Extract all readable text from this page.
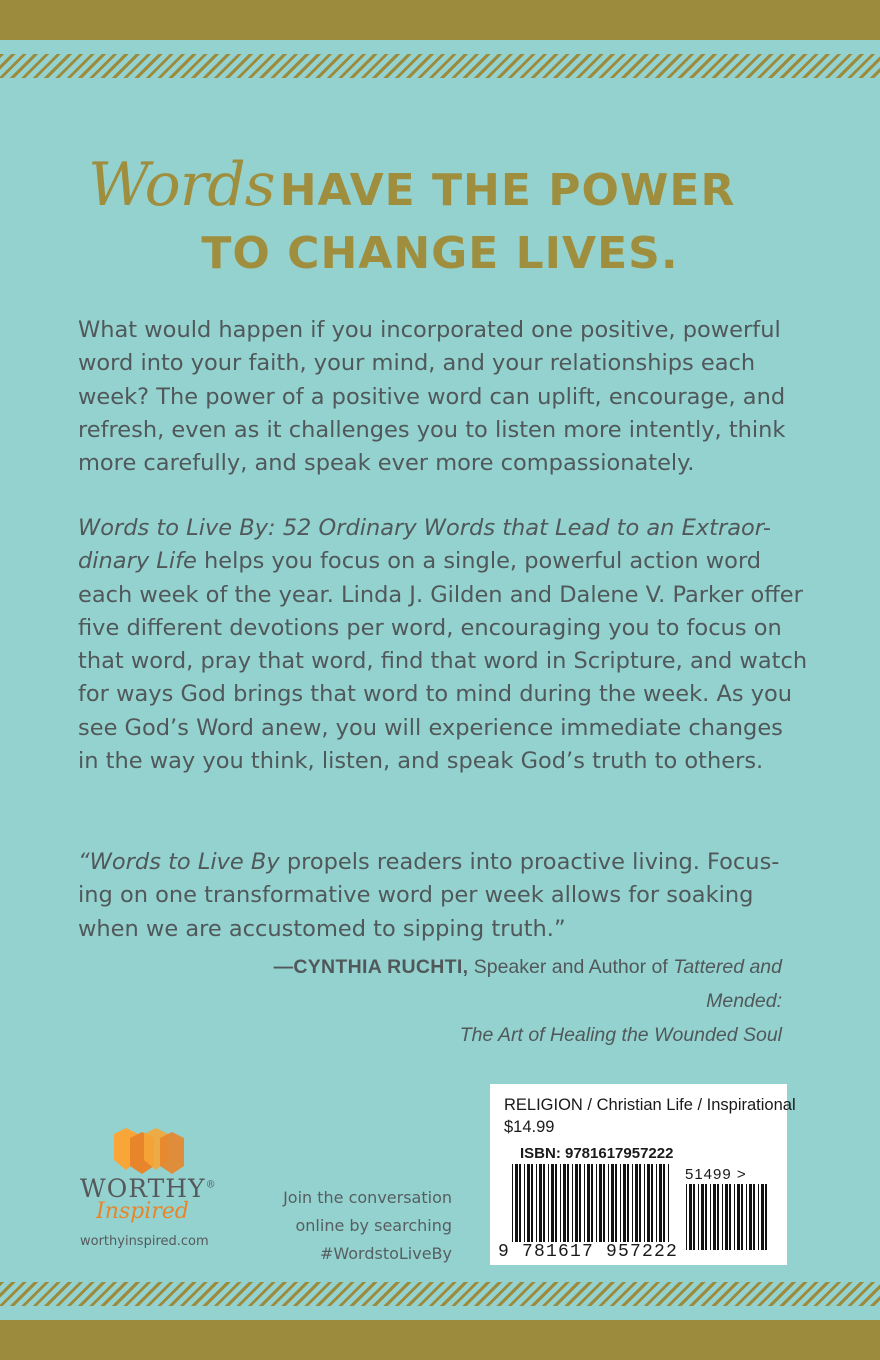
Words HAVE THE POWER
TO CHANGE LIVES.

What would happen if you incorporated one positive, powerful word into your faith, your mind, and your relationships each week? The power of a positive word can uplift, encourage, and refresh, even as it challenges you to listen more intently, think more carefully, and speak ever more compassionately.

Words to Live By: 52 Ordinary Words that Lead to an Extraor-dinary Life helps you focus on a single, powerful action word each week of the year. Linda J. Gilden and Dalene V. Parker offer five different devotions per word, encouraging you to focus on that word, pray that word, find that word in Scripture, and watch for ways God brings that word to mind during the week. As you see God’s Word anew, you will experience immediate changes in the way you think, listen, and speak God’s truth to others.

“Words to Live By propels readers into proactive living. Focus-ing on one transformative word per week allows for soaking when we are accustomed to sipping truth.”

—CYNTHIA RUCHTI, Speaker and Author of Tattered and Mended:
The Art of Healing the Wounded Soul
WORTHY®
Inspired
worthyinspired.com
Join the conversation
online by searching
#WordstoLiveBy
RELIGION / Christian Life / Inspirational
$14.99
ISBN: 9781617957222
51499 >
9 781617 957222
